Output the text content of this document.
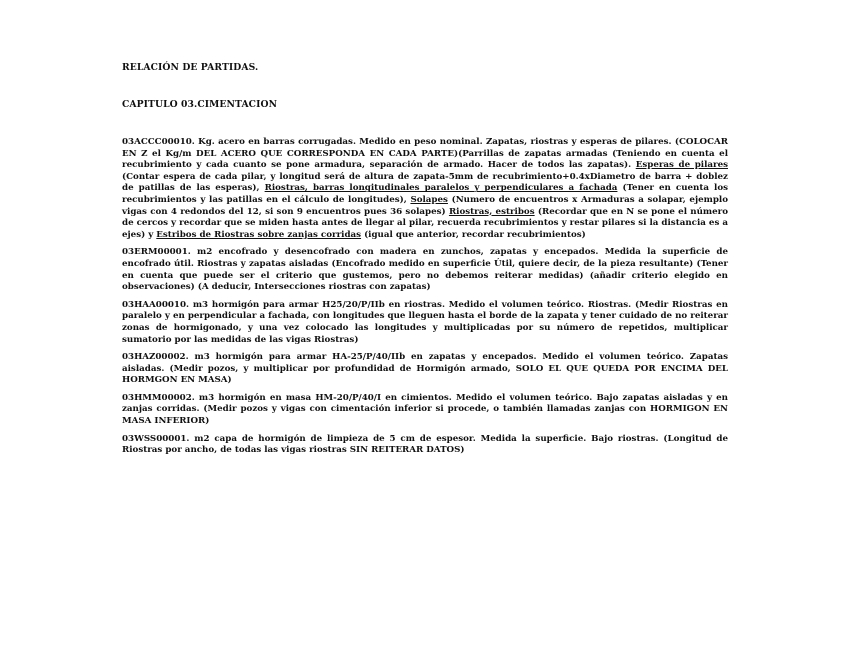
RELACIÓN DE PARTIDAS.
CAPITULO 03.CIMENTACION

03ACCC00010. Kg. acero en barras corrugadas. Medido en peso nominal. Zapatas, riostras y esperas de pilares. (COLOCAR EN Z el Kg/m DEL ACERO QUE CORRESPONDA EN CADA PARTE)(Parrillas de zapatas armadas (Teniendo en cuenta el recubrimiento y cada cuanto se pone armadura, separación de armado. Hacer de todos las zapatas). Esperas de pilares (Contar espera de cada pilar, y longitud será de altura de zapata-5mm de recubrimiento+0.4xDiametro de barra + doblez de patillas de las esperas), Riostras, barras longitudinales paralelos y perpendiculares a fachada (Tener en cuenta los recubrimientos y las patillas en el cálculo de longitudes), Solapes (Numero de encuentros x Armaduras a solapar, ejemplo vigas con 4 redondos del 12, si son 9 encuentros pues 36 solapes) Riostras, estribos (Recordar que en N se pone el número de cercos y recordar que se miden hasta antes de llegar al pilar, recuerda recubrimientos y restar pilares si la distancia es a ejes) y Estribos de Riostras sobre zanjas corridas (igual que anterior, recordar recubrimientos)

03ERM00001. m2 encofrado y desencofrado con madera en zunchos, zapatas y encepados. Medida la superficie de encofrado útil. Riostras y zapatas aisladas (Encofrado medido en superficie Útil, quiere decir, de la pieza resultante) (Tener en cuenta que puede ser el criterio que gustemos, pero no debemos reiterar medidas) (añadir criterio elegido en observaciones) (A deducir, Intersecciones riostras con zapatas)

03HAA00010. m3 hormigón para armar H25/20/P/IIb en riostras. Medido el volumen teórico. Riostras. (Medir Riostras en paralelo y en perpendicular a fachada, con longitudes que lleguen hasta el borde de la zapata y tener cuidado de no reiterar zonas de hormigonado, y una vez colocado las longitudes y multiplicadas por su número de repetidos, multiplicar sumatorio por las medidas de las vigas Riostras)

03HAZ00002. m3 hormigón para armar HA-25/P/40/IIb en zapatas y encepados. Medido el volumen teórico. Zapatas aisladas. (Medir pozos, y multiplicar por profundidad de Hormigón armado, SOLO EL QUE QUEDA POR ENCIMA DEL HORMGON EN MASA)

03HMM00002. m3 hormigón en masa HM-20/P/40/I en cimientos. Medido el volumen teórico. Bajo zapatas aisladas y en zanjas corridas. (Medir pozos y vigas con cimentación inferior si procede, o también llamadas zanjas con HORMIGON EN MASA INFERIOR)

03WSS00001. m2 capa de hormigón de limpieza de 5 cm de espesor. Medida la superficie. Bajo riostras. (Longitud de Riostras por ancho, de todas las vigas riostras SIN REITERAR DATOS)
